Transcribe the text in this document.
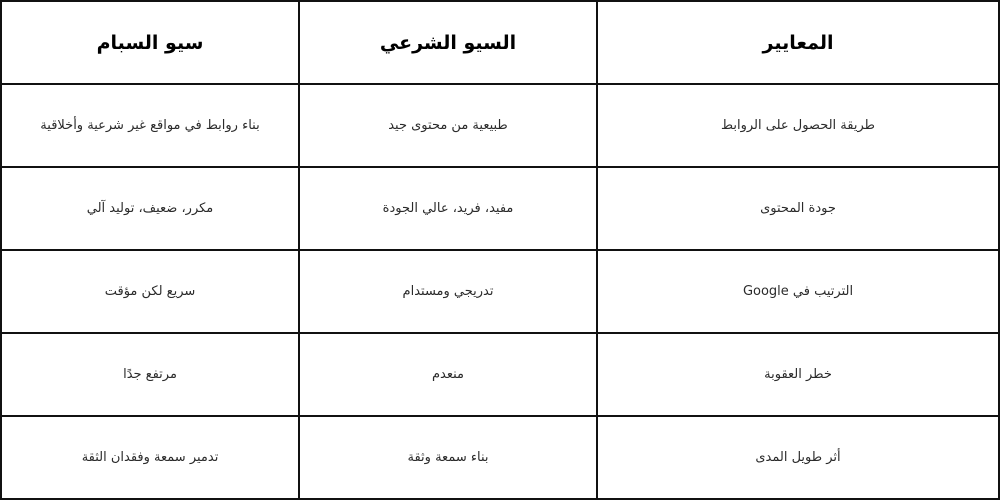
سيو السبام	السيو الشرعي	المعايير
بناء روابط في مواقع غير شرعية وأخلاقية	طبيعية من محتوى جيد	طريقة الحصول على الروابط
مكرر، ضعيف، توليد آلي	مفيد، فريد، عالي الجودة	جودة المحتوى
سريع لكن مؤقت	تدريجي ومستدام	الترتيب في Google
مرتفع جدًا	منعدم	خطر العقوبة
تدمير سمعة وفقدان الثقة	بناء سمعة وثقة	أثر طويل المدى
